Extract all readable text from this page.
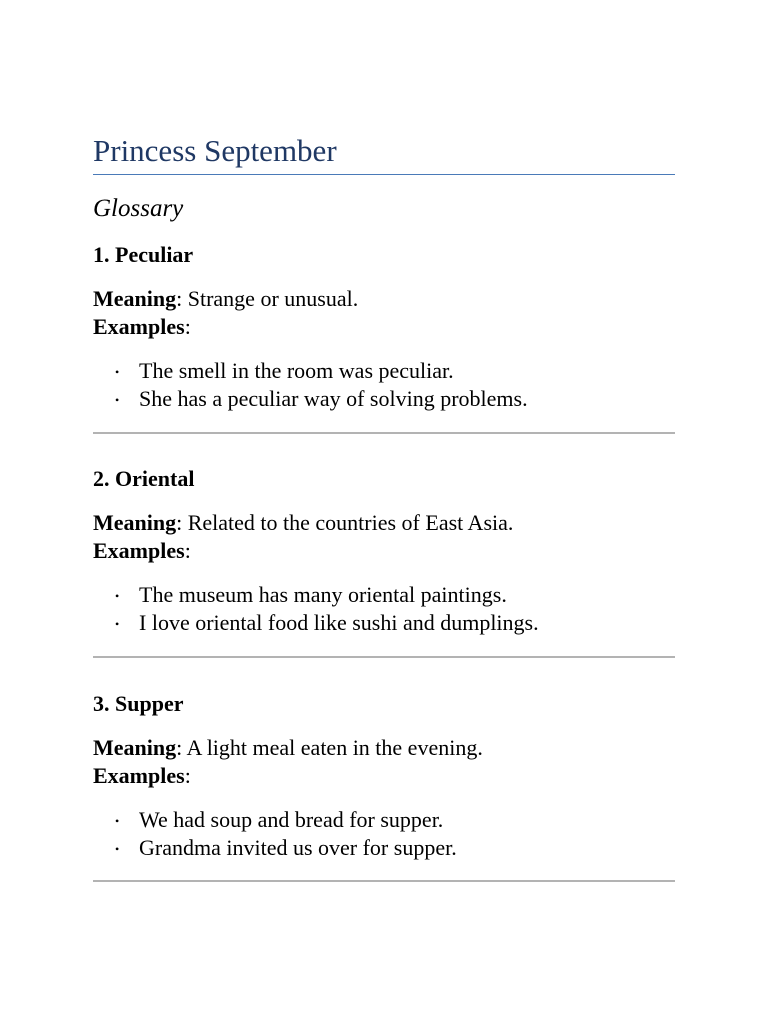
Princess September
Glossary
1. Peculiar

Meaning: Strange or unusual.

Examples:

• The smell in the room was peculiar.
• She has a peculiar way of solving problems.
2. Oriental

Meaning: Related to the countries of East Asia.

Examples:

• The museum has many oriental paintings.
• I love oriental food like sushi and dumplings.
3. Supper

Meaning: A light meal eaten in the evening.

Examples:

• We had soup and bread for supper.
• Grandma invited us over for supper.
